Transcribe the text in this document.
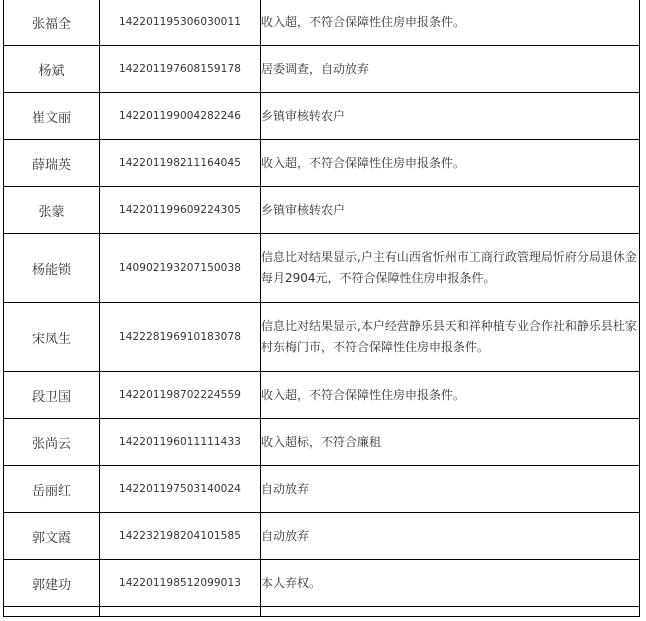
张福全	142201195306030011	收入超，不符合保障性住房申报条件。
杨斌	142201197608159178	居委调查，自动放弃
崔文丽	142201199004282246	乡镇审核转农户
薛瑞英	142201198211164045	收入超，不符合保障性住房申报条件。
张蒙	142201199609224305	乡镇审核转农户
杨能锁	140902193207150038	信息比对结果显示,户主有山西省忻州市工商行政管理局忻府分局退休金每月2904元，不符合保障性住房申报条件。
宋凤生	142228196910183078	信息比对结果显示,本户经营静乐县天和祥种植专业合作社和静乐县杜家村东梅门市，不符合保障性住房申报条件。
段卫国	142201198702224559	收入超，不符合保障性住房申报条件。
张尚云	142201196011111433	收入超标，不符合廉租
岳丽红	142201197503140024	自动放弃
郭文霞	142232198204101585	自动放弃
郭建功	142201198512099013	本人弃权。
